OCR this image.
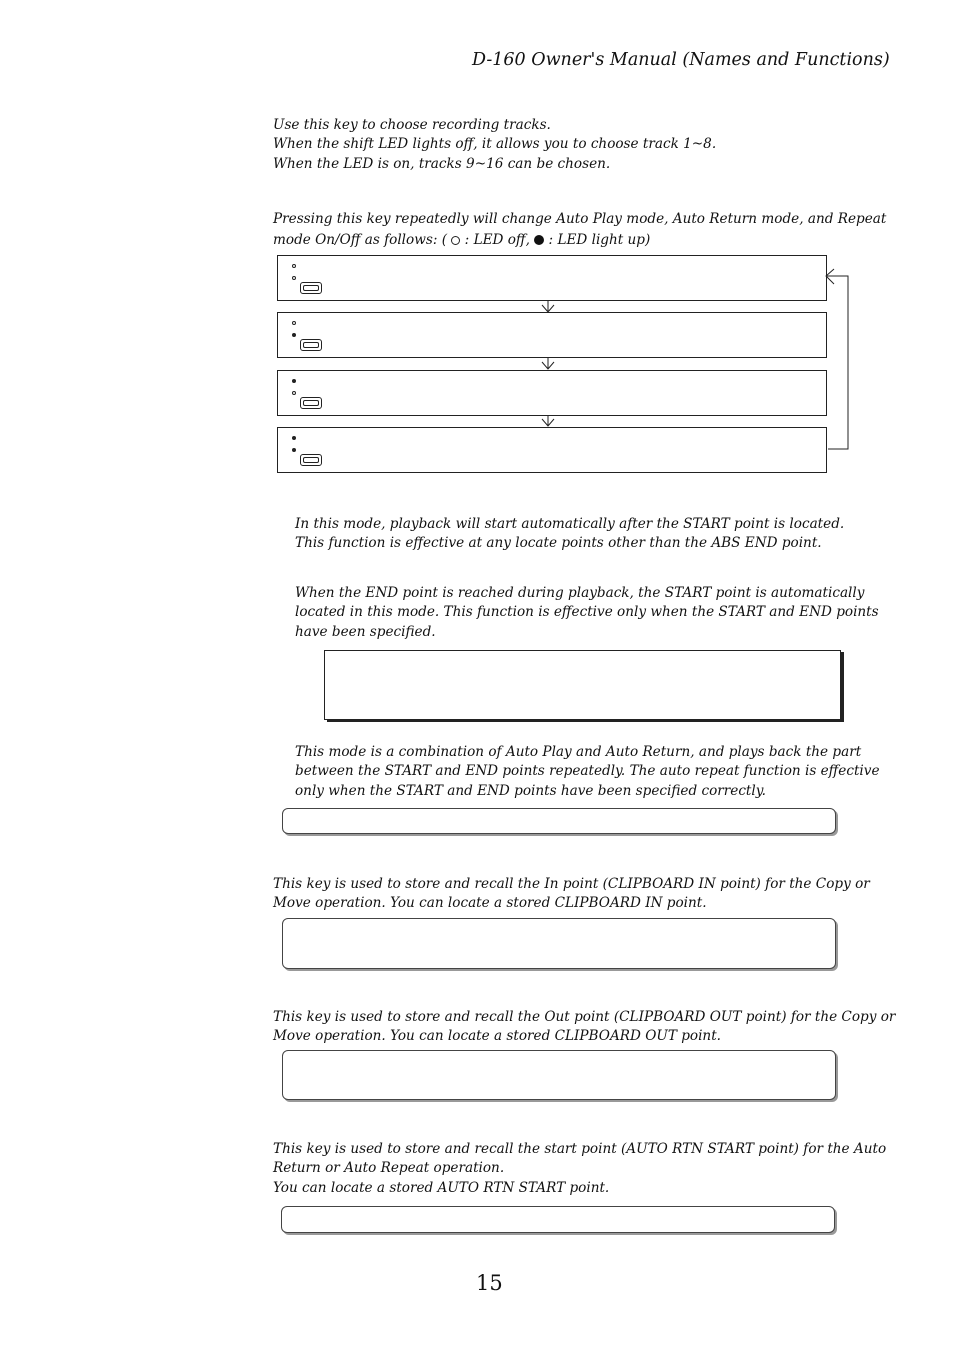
D-160 Owner's Manual (Names and Functions)
Use this key to choose recording tracks.
When the shift LED lights off, it allows you to choose track 1~8.
When the LED is on, tracks 9~16 can be chosen.
Pressing this key repeatedly will change Auto Play mode, Auto Return mode, and Repeat
mode On/Off as follows: (  : LED off,  : LED light up)
In this mode, playback will start automatically after the START point is located.
This function is effective at any locate points other than the ABS END point.
When the END point is reached during playback, the START point is automatically
located in this mode. This function is effective only when the START and END points
have been specified.
This mode is a combination of Auto Play and Auto Return, and plays back the part
between the START and END points repeatedly. The auto repeat function is effective
only when the START and END points have been specified correctly.
This key is used to store and recall the In point (CLIPBOARD IN point) for the Copy or
Move operation. You can locate a stored CLIPBOARD IN point.
This key is used to store and recall the Out point (CLIPBOARD OUT point) for the Copy or
Move operation. You can locate a stored CLIPBOARD OUT point.
This key is used to store and recall the start point (AUTO RTN START point) for the Auto
Return or Auto Repeat operation.
You can locate a stored AUTO RTN START point.
15
